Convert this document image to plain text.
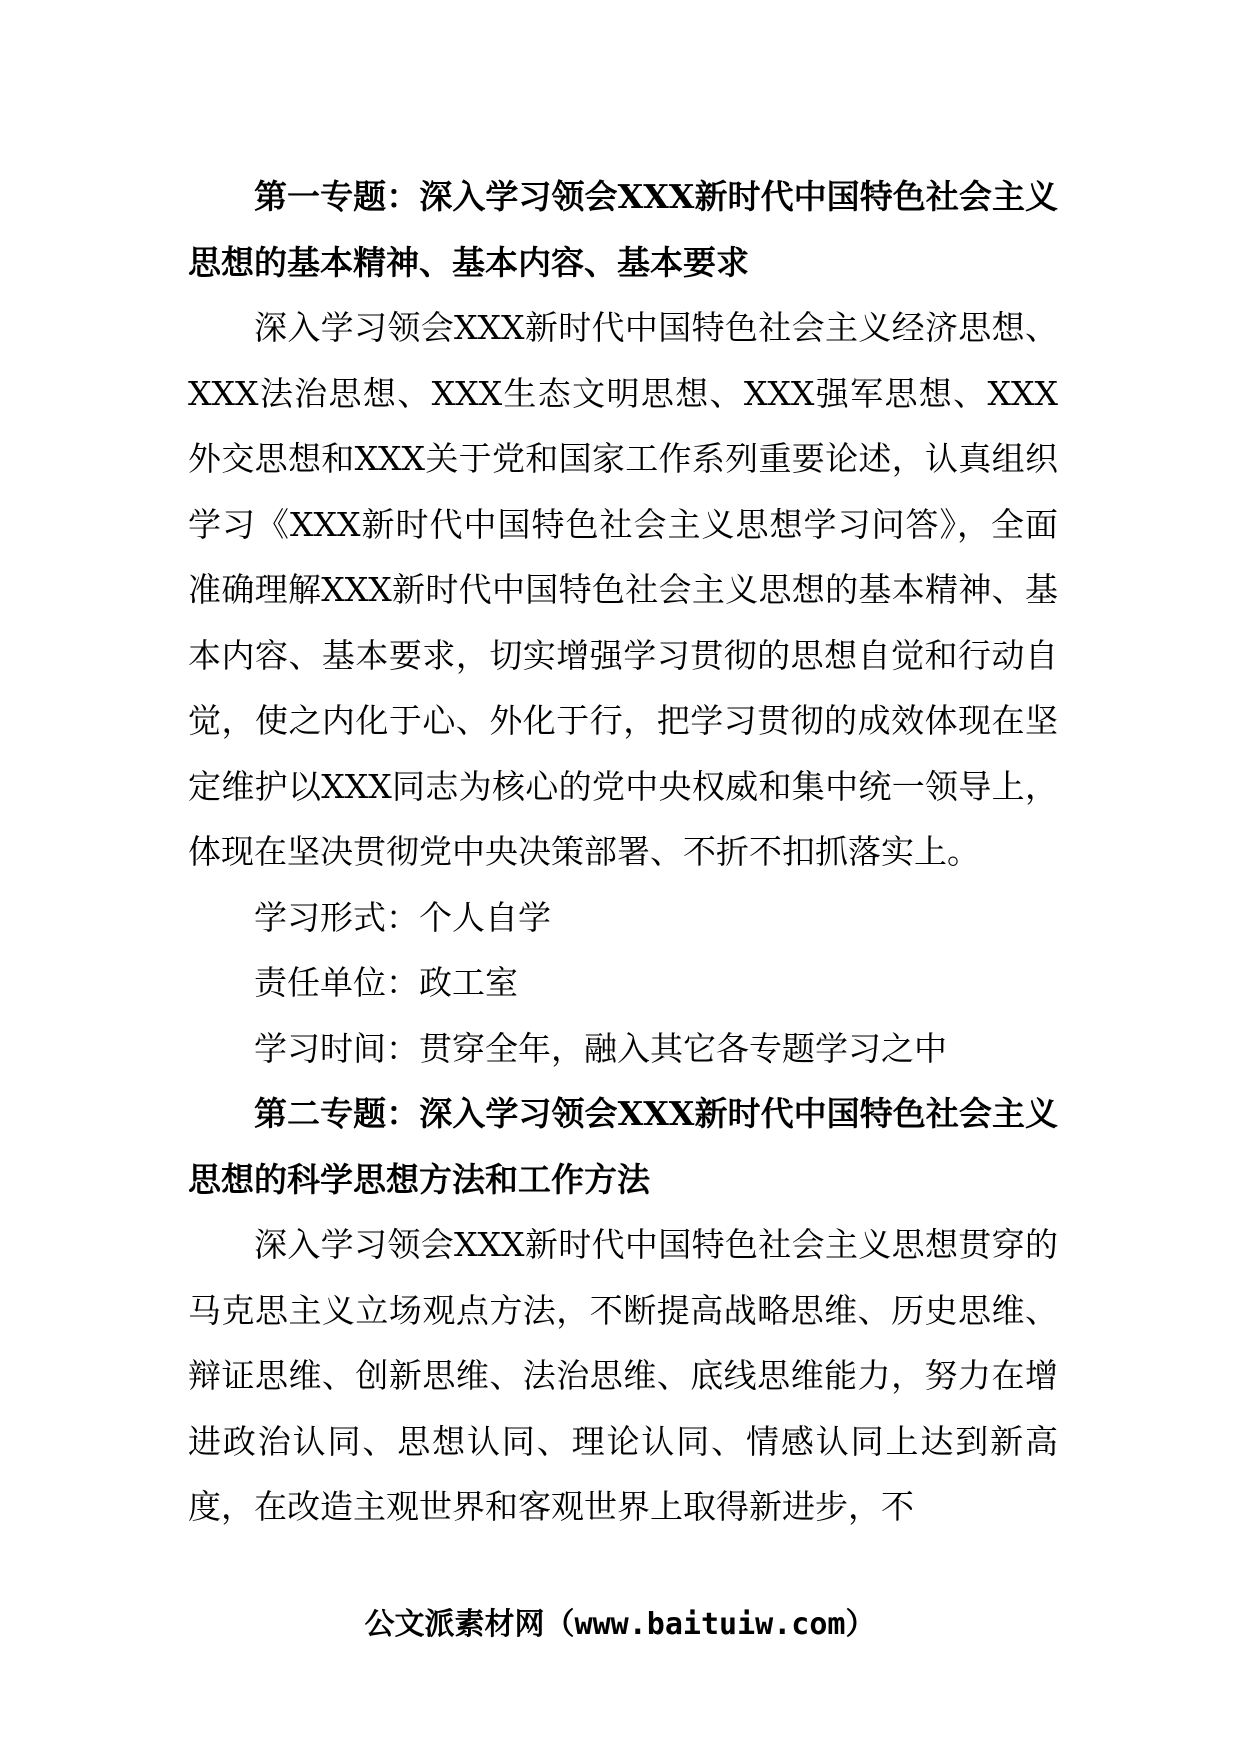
第一专题：深入学习领会XXX新时代中国特色社会主义思想的基本精神、基本内容、基本要求

深入学习领会XXX新时代中国特色社会主义经济思想、XXX法治思想、XXX生态文明思想、XXX强军思想、XXX外交思想和XXX关于党和国家工作系列重要论述，认真组织学习《XXX新时代中国特色社会主义思想学习问答》，全面准确理解XXX新时代中国特色社会主义思想的基本精神、基本内容、基本要求，切实增强学习贯彻的思想自觉和行动自觉，使之内化于心、外化于行，把学习贯彻的成效体现在坚定维护以XXX同志为核心的党中央权威和集中统一领导上，体现在坚决贯彻党中央决策部署、不折不扣抓落实上。

学习形式：个人自学

责任单位：政工室

学习时间：贯穿全年，融入其它各专题学习之中

第二专题：深入学习领会XXX新时代中国特色社会主义思想的科学思想方法和工作方法

深入学习领会XXX新时代中国特色社会主义思想贯穿的马克思主义立场观点方法，不断提高战略思维、历史思维、辩证思维、创新思维、法治思维、底线思维能力，努力在增进政治认同、思想认同、理论认同、情感认同上达到新高度，在改造主观世界和客观世界上取得新进步，不

公文派素材网（www.baituiw.com）
